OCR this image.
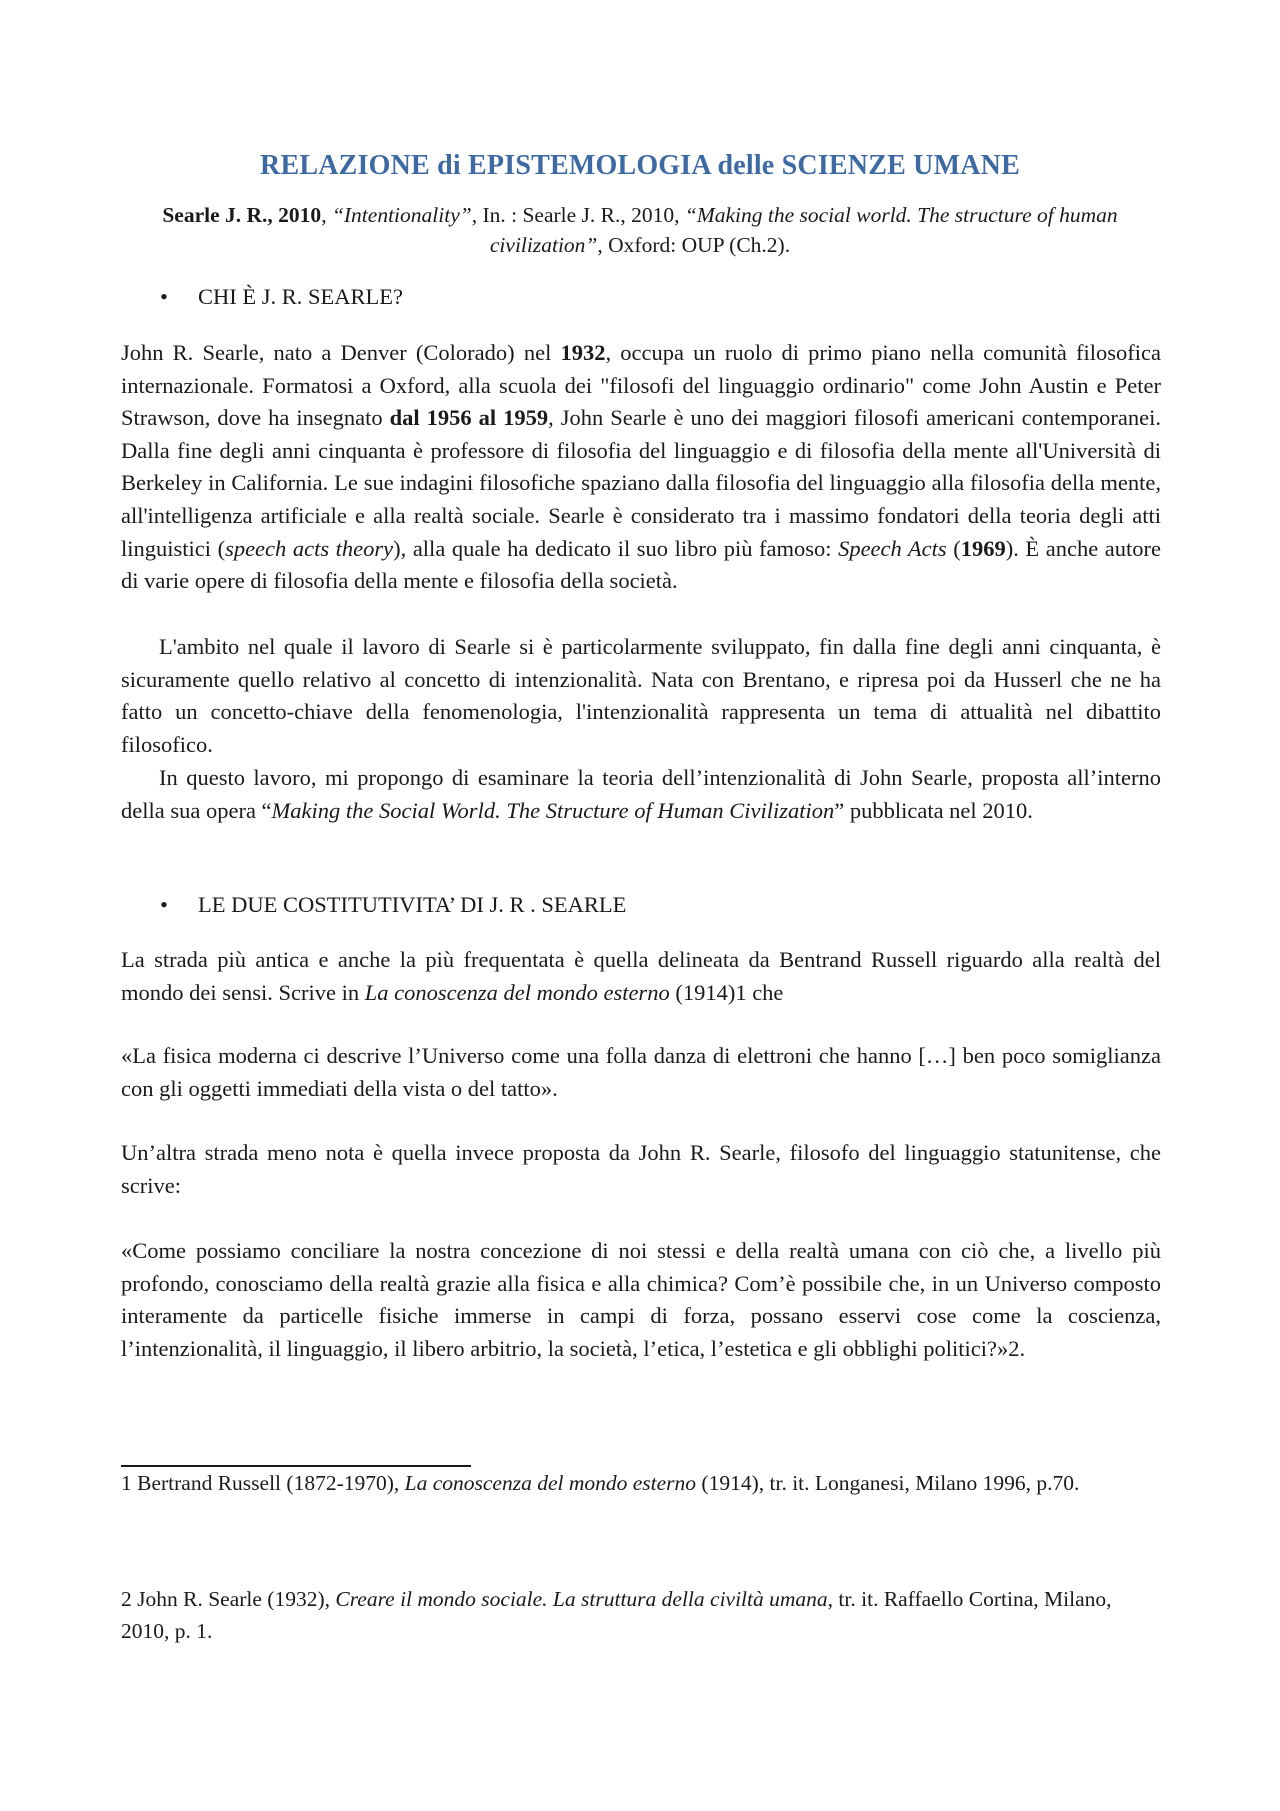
RELAZIONE di EPISTEMOLOGIA delle SCIENZE UMANE
Searle J. R., 2010, “Intentionality”, In. : Searle J. R., 2010, “Making the social world. The structure of human civilization”, Oxford: OUP (Ch.2).
• CHI È J. R. SEARLE?

John R. Searle, nato a Denver (Colorado) nel 1932, occupa un ruolo di primo piano nella comunità filosofica internazionale. Formatosi a Oxford, alla scuola dei "filosofi del linguaggio ordinario" come John Austin e Peter Strawson, dove ha insegnato dal 1956 al 1959, John Searle è uno dei maggiori filosofi americani contemporanei. Dalla fine degli anni cinquanta è professore di filosofia del linguaggio e di filosofia della mente all'Università di Berkeley in California. Le sue indagini filosofiche spaziano dalla filosofia del linguaggio alla filosofia della mente, all'intelligenza artificiale e alla realtà sociale. Searle è considerato tra i massimo fondatori della teoria degli atti linguistici (speech acts theory), alla quale ha dedicato il suo libro più famoso: Speech Acts (1969). È anche autore di varie opere di filosofia della mente e filosofia della società.

L'ambito nel quale il lavoro di Searle si è particolarmente sviluppato, fin dalla fine degli anni cinquanta, è sicuramente quello relativo al concetto di intenzionalità. Nata con Brentano, e ripresa poi da Husserl che ne ha fatto un concetto-chiave della fenomenologia, l'intenzionalità rappresenta un tema di attualità nel dibattito filosofico.

In questo lavoro, mi propongo di esaminare la teoria dell’intenzionalità di John Searle, proposta all’interno della sua opera “Making the Social World. The Structure of Human Civilization” pubblicata nel 2010.

• LE DUE COSTITUTIVITA’ DI J. R . SEARLE

La strada più antica e anche la più frequentata è quella delineata da Bentrand Russell riguardo alla realtà del mondo dei sensi. Scrive in La conoscenza del mondo esterno (1914)1 che

«La fisica moderna ci descrive l’Universo come una folla danza di elettroni che hanno […] ben poco somiglianza con gli oggetti immediati della vista o del tatto».

Un’altra strada meno nota è quella invece proposta da John R. Searle, filosofo del linguaggio statunitense, che scrive:

«Come possiamo conciliare la nostra concezione di noi stessi e della realtà umana con ciò che, a livello più profondo, conosciamo della realtà grazie alla fisica e alla chimica? Com’è possibile che, in un Universo composto interamente da particelle fisiche immerse in campi di forza, possano esservi cose come la coscienza, l’intenzionalità, il linguaggio, il libero arbitrio, la società, l’etica, l’estetica e gli obblighi politici?»2.

1 Bertrand Russell (1872-1970), La conoscenza del mondo esterno (1914), tr. it. Longanesi, Milano 1996, p.70.

2 John R. Searle (1932), Creare il mondo sociale. La struttura della civiltà umana, tr. it. Raffaello Cortina, Milano, 2010, p. 1.
